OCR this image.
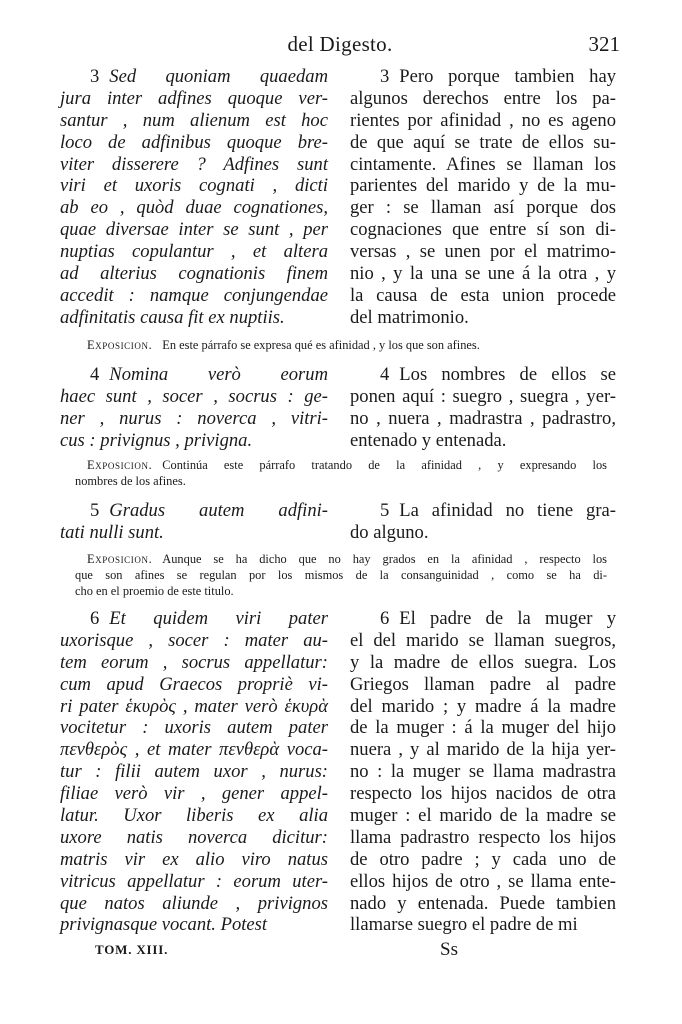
del Digesto.	321
3 Sed quoniam quaedam
jura inter adfines quoque ver-
santur , num alienum est hoc
loco de adfinibus quoque bre-
viter disserere ? Adfines sunt
viri et uxoris cognati , dicti
ab eo , quòd duae cognationes,
quae diversae inter se sunt , per
nuptias copulantur , et altera
ad alterius cognationis finem
accedit : namque conjungendae
adfinitatis causa fit ex nuptiis.
3 Pero porque tambien hay
algunos derechos entre los pa-
rientes por afinidad , no es ageno
de que aquí se trate de ellos su-
cintamente. Afines se llaman los
parientes del marido y de la mu-
ger : se llaman así porque dos
cognaciones que entre sí son di-
versas , se unen por el matrimo-
nio , y la una se une á la otra , y
la causa de esta union procede
del matrimonio.
Exposicion. En este párrafo se expresa qué es afinidad , y los que son afines.
4 Nomina verò eorum
haec sunt , socer , socrus : ge-
ner , nurus : noverca , vitri-
cus : privignus , privigna.
4 Los nombres de ellos se
ponen aquí : suegro , suegra , yer-
no , nuera , madrastra , padrastro,
entenado y entenada.
Exposicion. Continúa este párrafo tratando de la afinidad , y expresando los
nombres de los afines.
5 Gradus autem adfini-
tati nulli sunt.
5 La afinidad no tiene gra-
do alguno.
Exposicion. Aunque se ha dicho que no hay grados en la afinidad , respecto los
que son afines se regulan por los mismos de la consanguinidad , como se ha di-
cho en el proemio de este titulo.
6 Et quidem viri pater
uxorisque , socer : mater au-
tem eorum , socrus appellatur:
cum apud Graecos propriè vi-
ri pater ἑκυρὸς , mater verò ἑκυρὰ
vocitetur : uxoris autem pater
πενθερὸς , et mater πενθερὰ voca-
tur : filii autem uxor , nurus:
filiae verò vir , gener appel-
latur. Uxor liberis ex alia
uxore natis noverca dicitur:
matris vir ex alio viro natus
vitricus appellatur : eorum uter-
que natos aliunde , privignos
privignasque vocant. Potest
6 El padre de la muger y
el del marido se llaman suegros,
y la madre de ellos suegra. Los
Griegos llaman padre al padre
del marido ; y madre á la madre
de la muger : á la muger del hijo
nuera , y al marido de la hija yer-
no : la muger se llama madrastra
respecto los hijos nacidos de otra
muger : el marido de la madre se
llama padrastro respecto los hijos
de otro padre ; y cada uno de
ellos hijos de otro , se llama ente-
nado y entenada. Puede tambien
llamarse suegro el padre de mi
TOM. XIII.	Ss
